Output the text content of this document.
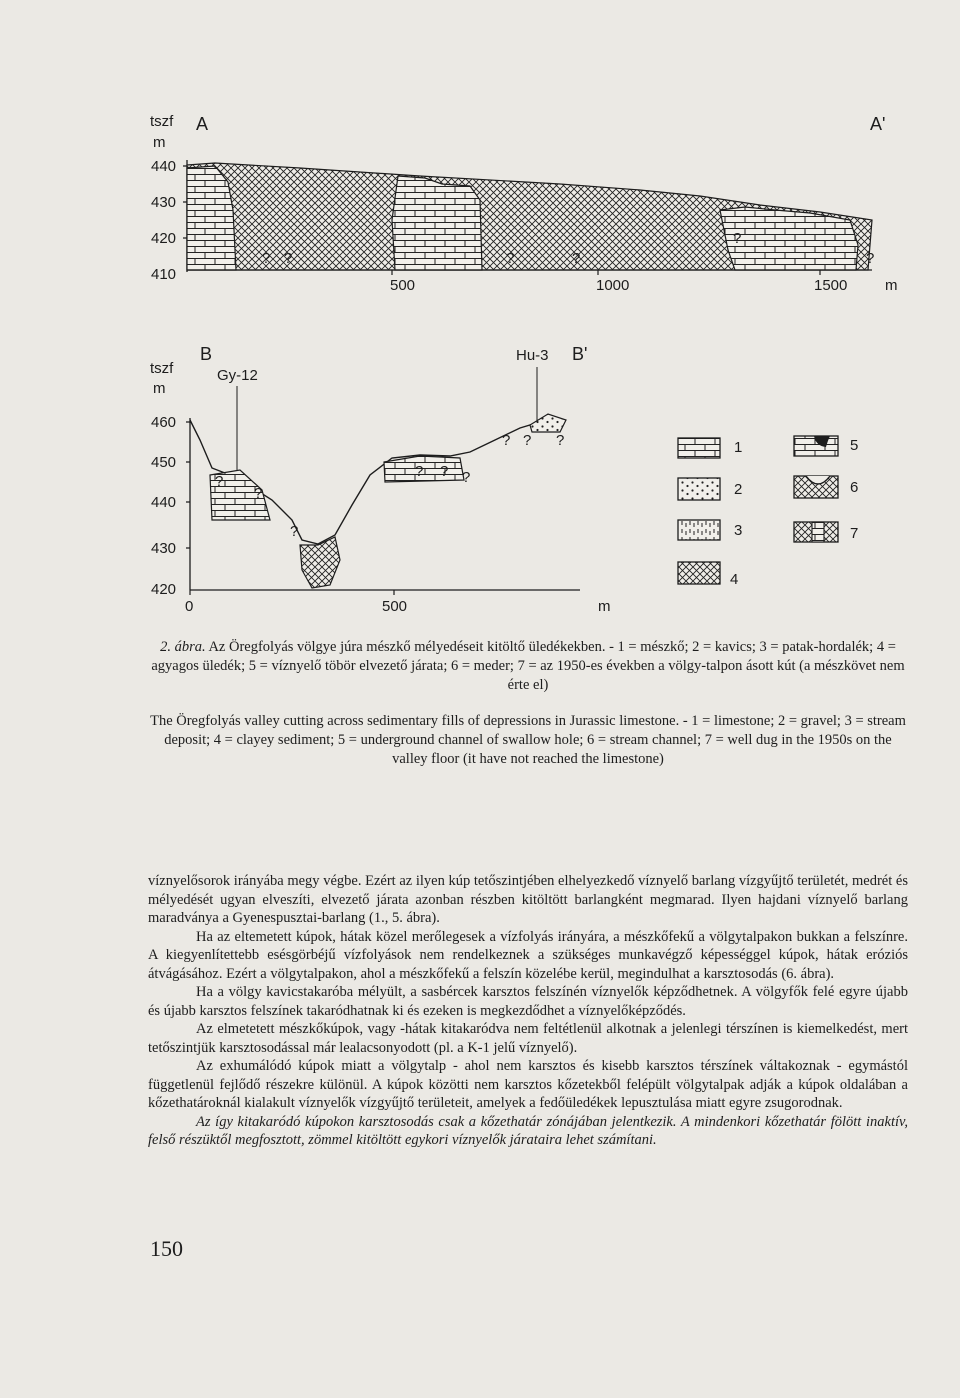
tszf
m
A	A'
440
430
420
410
? ?	?	?
?
?
500	1000	1500	m
tszf
m
B
Gy-12
Hu-3 B'
460
450
440
430
420
?
?
?
? ? ?
? ? ?
0	500	m
1
2
3
4
5
6
7
2. ábra. Az Öregfolyás völgye júra mészkő mélyedéseit kitöltő üledékekben. - 1 = mészkő; 2 = kavics; 3 = patak-hordalék; 4 = agyagos üledék; 5 = víznyelő töbör elvezető járata; 6 = meder; 7 = az 1950-es években a völgy-talpon ásott kút (a mészkövet nem érte el)
The Öregfolyás valley cutting across sedimentary fills of depressions in Jurassic limestone. - 1 = limestone; 2 = gravel; 3 = stream deposit; 4 = clayey sediment; 5 = underground channel of swallow hole; 6 = stream channel; 7 = well dug in the 1950s on the valley floor (it have not reached the limestone)

víznyelősorok irányába megy végbe. Ezért az ilyen kúp tetőszintjében elhelyezkedő víznyelő barlang vízgyűjtő területét, medrét és mélyedését ugyan elveszíti, elvezető járata azonban részben kitöltött barlangként megmarad. Ilyen hajdani víznyelő barlang maradványa a Gyenespusztai-barlang (1., 5. ábra).

Ha az eltemetett kúpok, hátak közel merőlegesek a vízfolyás irányára, a mészkőfekű a völgytalpakon bukkan a felszínre. A kiegyenlítettebb esésgörbéjű vízfolyások nem rendelkeznek a szükséges munkavégző képességgel kúpok, hátak eróziós átvágásához. Ezért a völgytalpakon, ahol a mészkőfekű a felszín közelébe kerül, megindulhat a karsztosodás (6. ábra).

Ha a völgy kavicstakaróba mélyült, a sasbércek karsztos felszínén víznyelők képződhetnek. A völgyfők felé egyre újabb és újabb karsztos felszínek takaródhatnak ki és ezeken is megkezdődhet a víznyelőképződés.

Az elmetetett mészkőkúpok, vagy -hátak kitakaródva nem feltétlenül alkotnak a jelenlegi térszínen is kiemelkedést, mert tetőszintjük karsztosodással már lealacsonyodott (pl. a K-1 jelű víznyelő).

Az exhumálódó kúpok miatt a völgytalp - ahol nem karsztos és kisebb karsztos térszínek váltakoznak - egymástól függetlenül fejlődő részekre különül. A kúpok közötti nem karsztos kőzetekből felépült völgytalpak adják a kúpok oldalában a kőzethatároknál kialakult víznyelők vízgyűjtő területeit, amelyek a fedőüledékek lepusztulása miatt egyre zsugorodnak.

Az így kitakaródó kúpokon karsztosodás csak a kőzethatár zónájában jelentkezik. A mindenkori kőzethatár fölött inaktív, felső részüktől megfosztott, zömmel kitöltött egykori víznyelők járataira lehet számítani.

150
